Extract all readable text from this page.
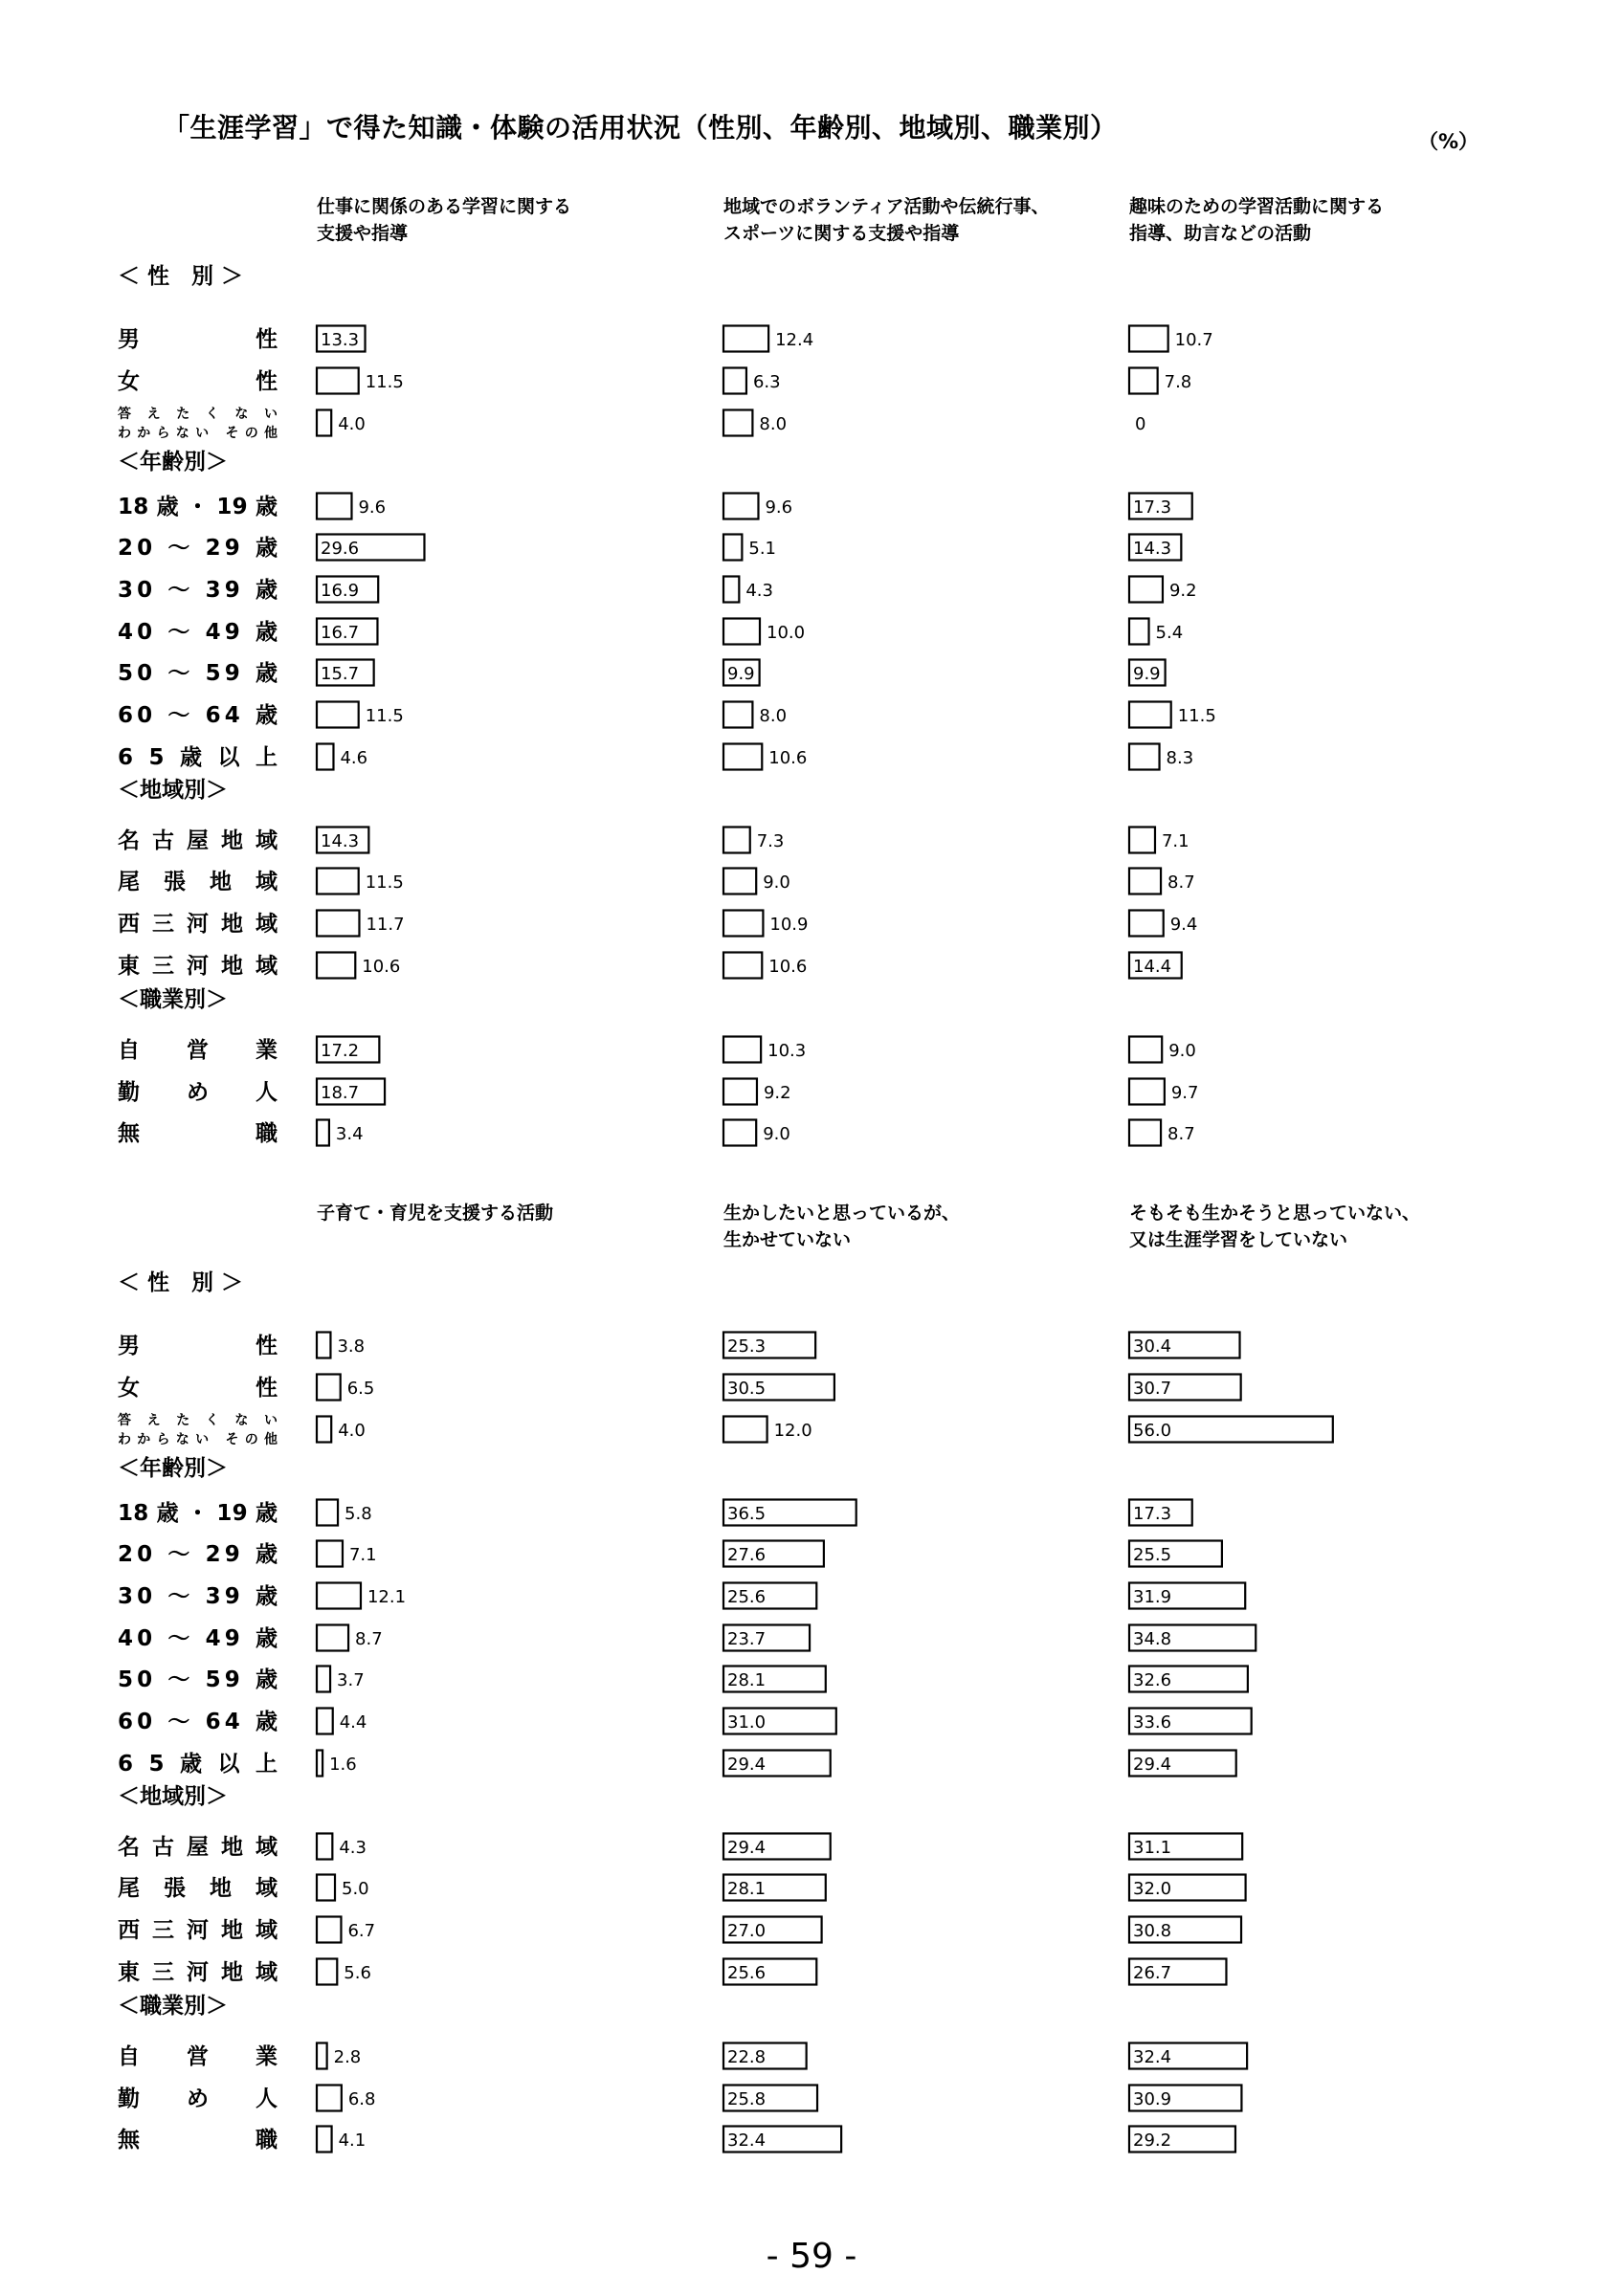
「生涯学習」で得た知識・体験の活用状況（性別、年齢別、地域別、職業別）	（%）
仕事に関係のある学習に関する
支援や指導
地域でのボランティア活動や伝統行事、
スポーツに関する支援や指導
趣味のための学習活動に関する
指導、助言などの活動
＜ 性　別 ＞
男　　　性
女　　　性
答 え た く な い
わからない その他
13.3
11.5
4.0
12.4
6.3
8.0
10.7
7.8
0
＜年齢別＞
18 歳 ・ 19 歳
20 ～ 29 歳
30 ～ 39 歳
40 ～ 49 歳
50 ～ 59 歳
60 ～ 64 歳
6 5 歳 以 上
9.6
29.6
16.9
16.7
15.7
11.5
4.6
9.6
5.1
4.3
10.0
9.9
8.0
10.6
17.3
14.3
9.2
5.4
9.9
11.5
8.3
＜地域別＞
名 古 屋 地 域
尾 張 地 域
西 三 河 地 域
東 三 河 地 域
14.3
11.5
11.7
10.6
7.3
9.0
10.9
10.6
7.1
8.7
9.4
14.4
＜職業別＞
自　　営　　業
勤　　め　　人
無　　　　職
17.2
18.7
3.4
10.3
9.2
9.0
9.0
9.7
8.7
子育て・育児を支援する活動	生かしたいと思っているが、
生かせていない
そもそも生かそうと思っていない、
又は生涯学習をしていない
＜ 性　別 ＞
男　　　性
女　　　性
答 え た く な い
わからない その他
3.8
6.5
4.0
25.3
30.5
12.0
30.4
30.7
56.0
＜年齢別＞
18 歳 ・ 19 歳
20 ～ 29 歳
30 ～ 39 歳
40 ～ 49 歳
50 ～ 59 歳
60 ～ 64 歳
6 5 歳 以 上
5.8
7.1
12.1
8.7
3.7
4.4
1.6
36.5
27.6
25.6
23.7
28.1
31.0
29.4
17.3
25.5
31.9
34.8
32.6
33.6
29.4
＜地域別＞
名 古 屋 地 域
尾 張 地 域
西 三 河 地 域
東 三 河 地 域
4.3
5.0
6.7
5.6
29.4
28.1
27.0
25.6
31.1
32.0
30.8
26.7
＜職業別＞
自　　営　　業
勤　　め　　人
無　　　　職
2.8
6.8
4.1
22.8
25.8
32.4
32.4
30.9
29.2
- 59 -
